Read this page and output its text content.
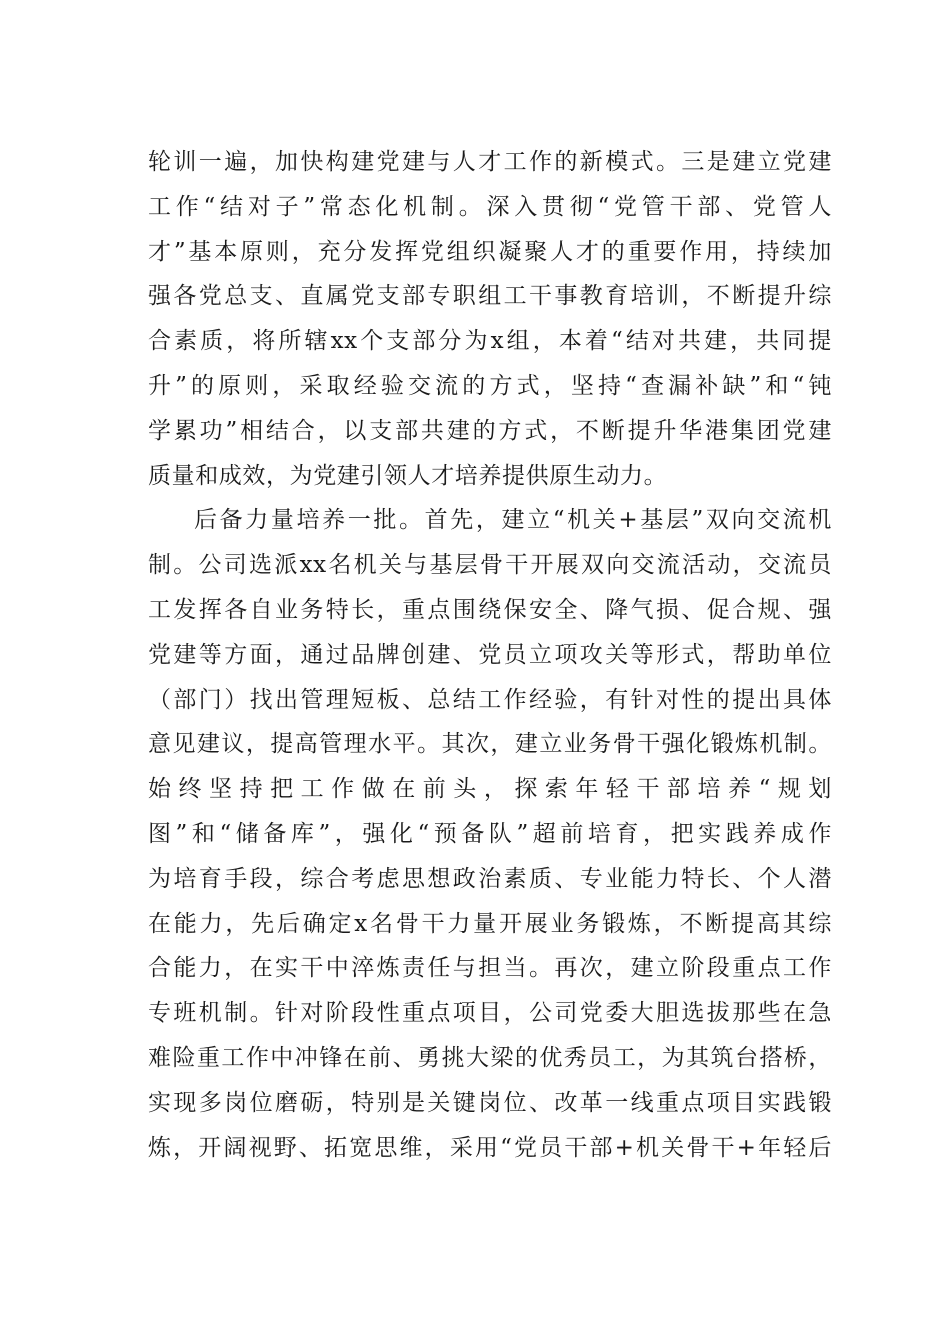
轮训一遍，加快构建党建与人才工作的新模式。三是建立党建
工作“结对子”常态化机制。深入贯彻“党管干部、党管人
才”基本原则，充分发挥党组织凝聚人才的重要作用，持续加
强各党总支、直属党支部专职组工干事教育培训，不断提升综
合素质，将所辖xx个支部分为x组，本着“结对共建，共同提
升”的原则，采取经验交流的方式，坚持“查漏补缺”和“钝
学累功”相结合，以支部共建的方式，不断提升华港集团党建
质量和成效，为党建引领人才培养提供原生动力。
后备力量培养一批。首先，建立“机关+基层”双向交流机
制。公司选派xx名机关与基层骨干开展双向交流活动，交流员
工发挥各自业务特长，重点围绕保安全、降气损、促合规、强
党建等方面，通过品牌创建、党员立项攻关等形式，帮助单位
（部门）找出管理短板、总结工作经验，有针对性的提出具体
意见建议，提高管理水平。其次，建立业务骨干强化锻炼机制。
始终坚持把工作做在前头，探索年轻干部培养“规划
图”和“储备库”，强化“预备队”超前培育，把实践养成作
为培育手段，综合考虑思想政治素质、专业能力特长、个人潜
在能力，先后确定x名骨干力量开展业务锻炼，不断提高其综
合能力，在实干中淬炼责任与担当。再次，建立阶段重点工作
专班机制。针对阶段性重点项目，公司党委大胆选拔那些在急
难险重工作中冲锋在前、勇挑大梁的优秀员工，为其筑台搭桥，
实现多岗位磨砺，特别是关键岗位、改革一线重点项目实践锻
炼，开阔视野、拓宽思维，采用“党员干部+机关骨干+年轻后
